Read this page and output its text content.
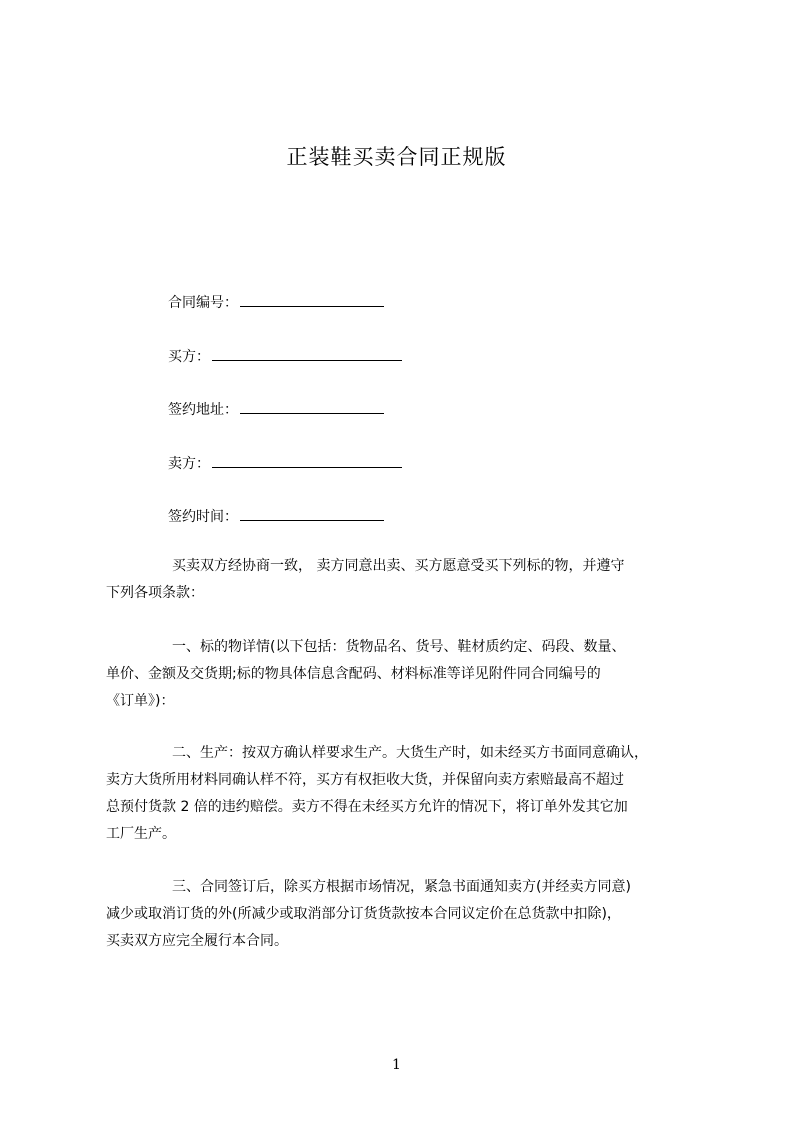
正装鞋买卖合同正规版
合同编号：
买方：
签约地址：
卖方：
签约时间：
买卖双方经协商一致， 卖方同意出卖、买方愿意受买下列标的物，并遵守
下列各项条款：
一、标的物详情(以下包括：货物品名、货号、鞋材质约定、码段、数量、
单价、金额及交货期;标的物具体信息含配码、材料标准等详见附件同合同编号的
《订单》)：
二、生产：按双方确认样要求生产。大货生产时，如未经买方书面同意确认，
卖方大货所用材料同确认样不符，买方有权拒收大货，并保留向卖方索赔最高不超过
总预付货款 2 倍的违约赔偿。卖方不得在未经买方允许的情况下，将订单外发其它加
工厂生产。
三、合同签订后，除买方根据市场情况，紧急书面通知卖方(并经卖方同意)
减少或取消订货的外(所减少或取消部分订货货款按本合同议定价在总货款中扣除)，
买卖双方应完全履行本合同。
1
